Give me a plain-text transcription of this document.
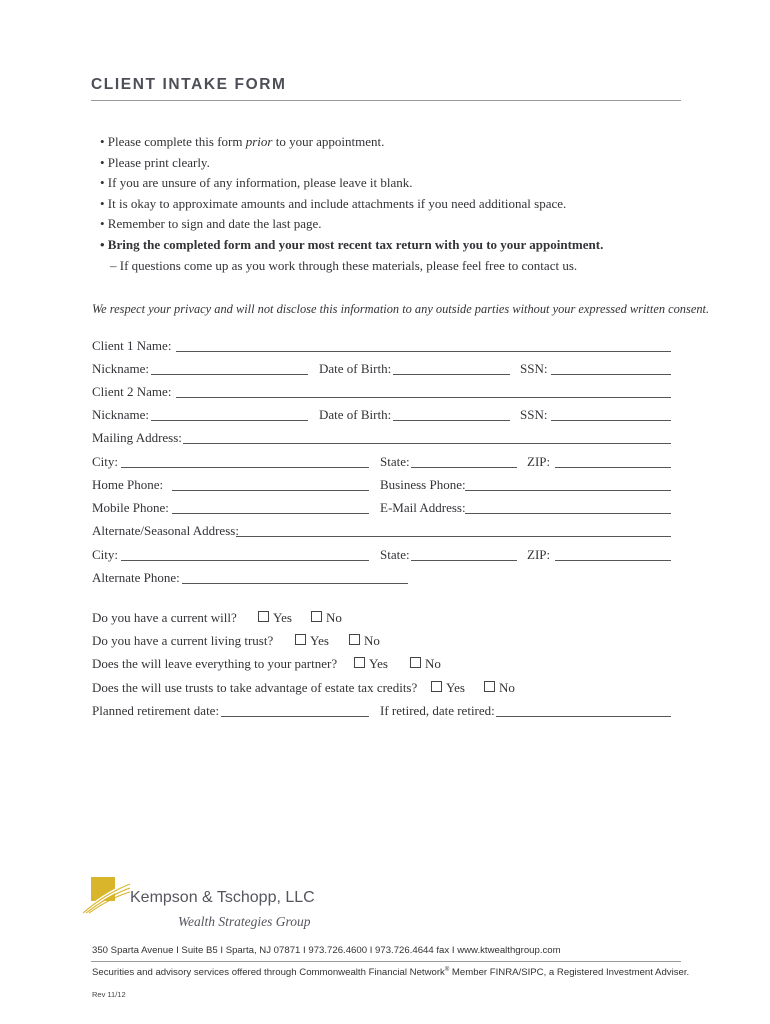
CLIENT INTAKE FORM
• Please complete this form prior to your appointment.
• Please print clearly.
• If you are unsure of any information, please leave it blank.
• It is okay to approximate amounts and include attachments if you need additional space.
• Remember to sign and date the last page.
• Bring the completed form and your most recent tax return with you to your appointment.
– If questions come up as you work through these materials, please feel free to contact us.
We respect your privacy and will not disclose this information to any outside parties without your expressed written consent.
Client 1 Name:
Nickname:	Date of Birth:	SSN:
Client 2 Name:
Nickname:	Date of Birth:	SSN:
Mailing Address:
City:	State:	ZIP:
Home Phone:	Business Phone:
Mobile Phone:	E-Mail Address:
Alternate/Seasonal Address:
City:	State:	ZIP:
Alternate Phone:
Do you have a current will?	Yes	No
Do you have a current living trust?	Yes	No
Does the will leave everything to your partner?	Yes	No
Does the will use trusts to take advantage of estate tax credits?	Yes	No
Planned retirement date:	If retired, date retired:
Kempson & Tschopp, LLC
Wealth Strategies Group
350 Sparta Avenue I Suite B5 I Sparta, NJ 07871 I 973.726.4600 I 973.726.4644 fax I www.ktwealthgroup.com
Securities and advisory services offered through Commonwealth Financial Network® Member FINRA/SIPC, a Registered Investment Adviser.
Rev 11/12
